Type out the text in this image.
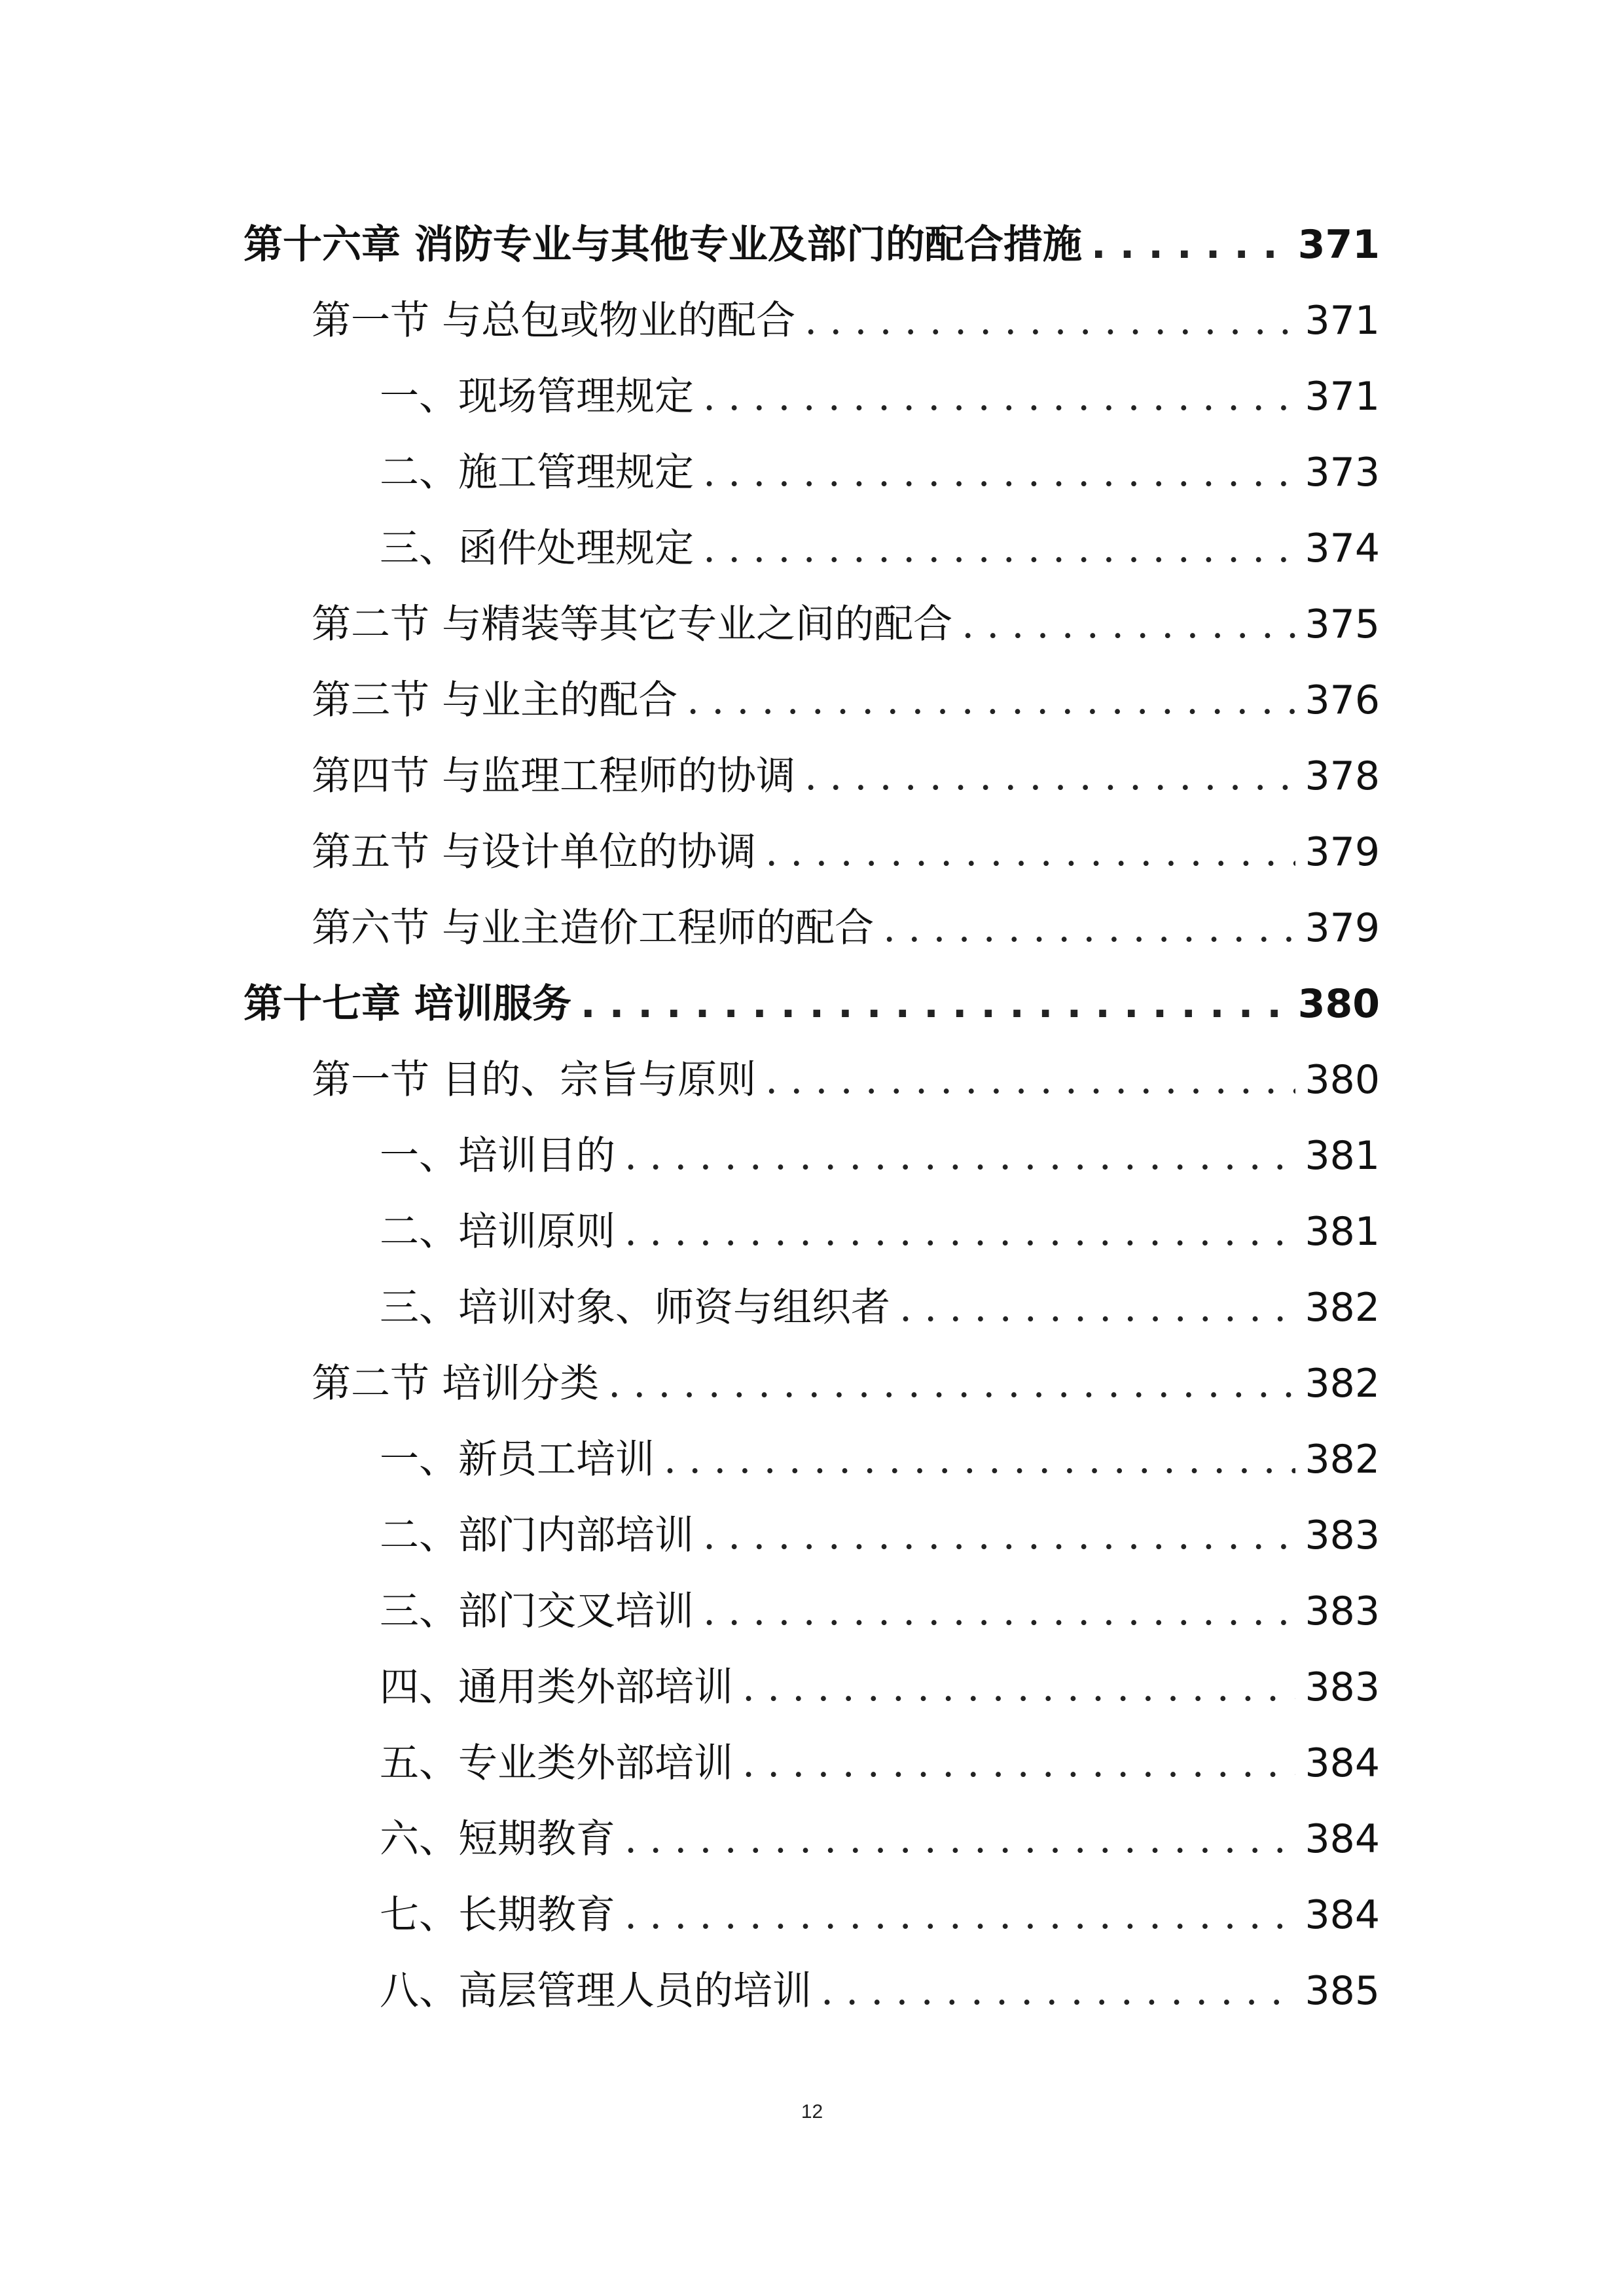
第十六章 消防专业与其他专业及部门的配合措施 . . .	371
第一节 与总包或物业的配合 . . .	371
一、现场管理规定 . . .	371
二、施工管理规定 . . .	373
三、函件处理规定 . . .	374
第二节 与精装等其它专业之间的配合 . . .	375
第三节 与业主的配合 . . .	376
第四节 与监理工程师的协调 . . .	378
第五节 与设计单位的协调 . . .	379
第六节 与业主造价工程师的配合 . . .	379
第十七章 培训服务 . . .	380
第一节 目的、宗旨与原则 . . .	380
一、培训目的 . . .	381
二、培训原则 . . .	381
三、培训对象、师资与组织者 . . .	382
第二节 培训分类 . . .	382
一、新员工培训 . . .	382
二、部门内部培训 . . .	383
三、部门交叉培训 . . .	383
四、通用类外部培训 . . .	383
五、专业类外部培训 . . .	384
六、短期教育 . . .	384
七、长期教育 . . .	384
八、高层管理人员的培训 . . .	385
12
